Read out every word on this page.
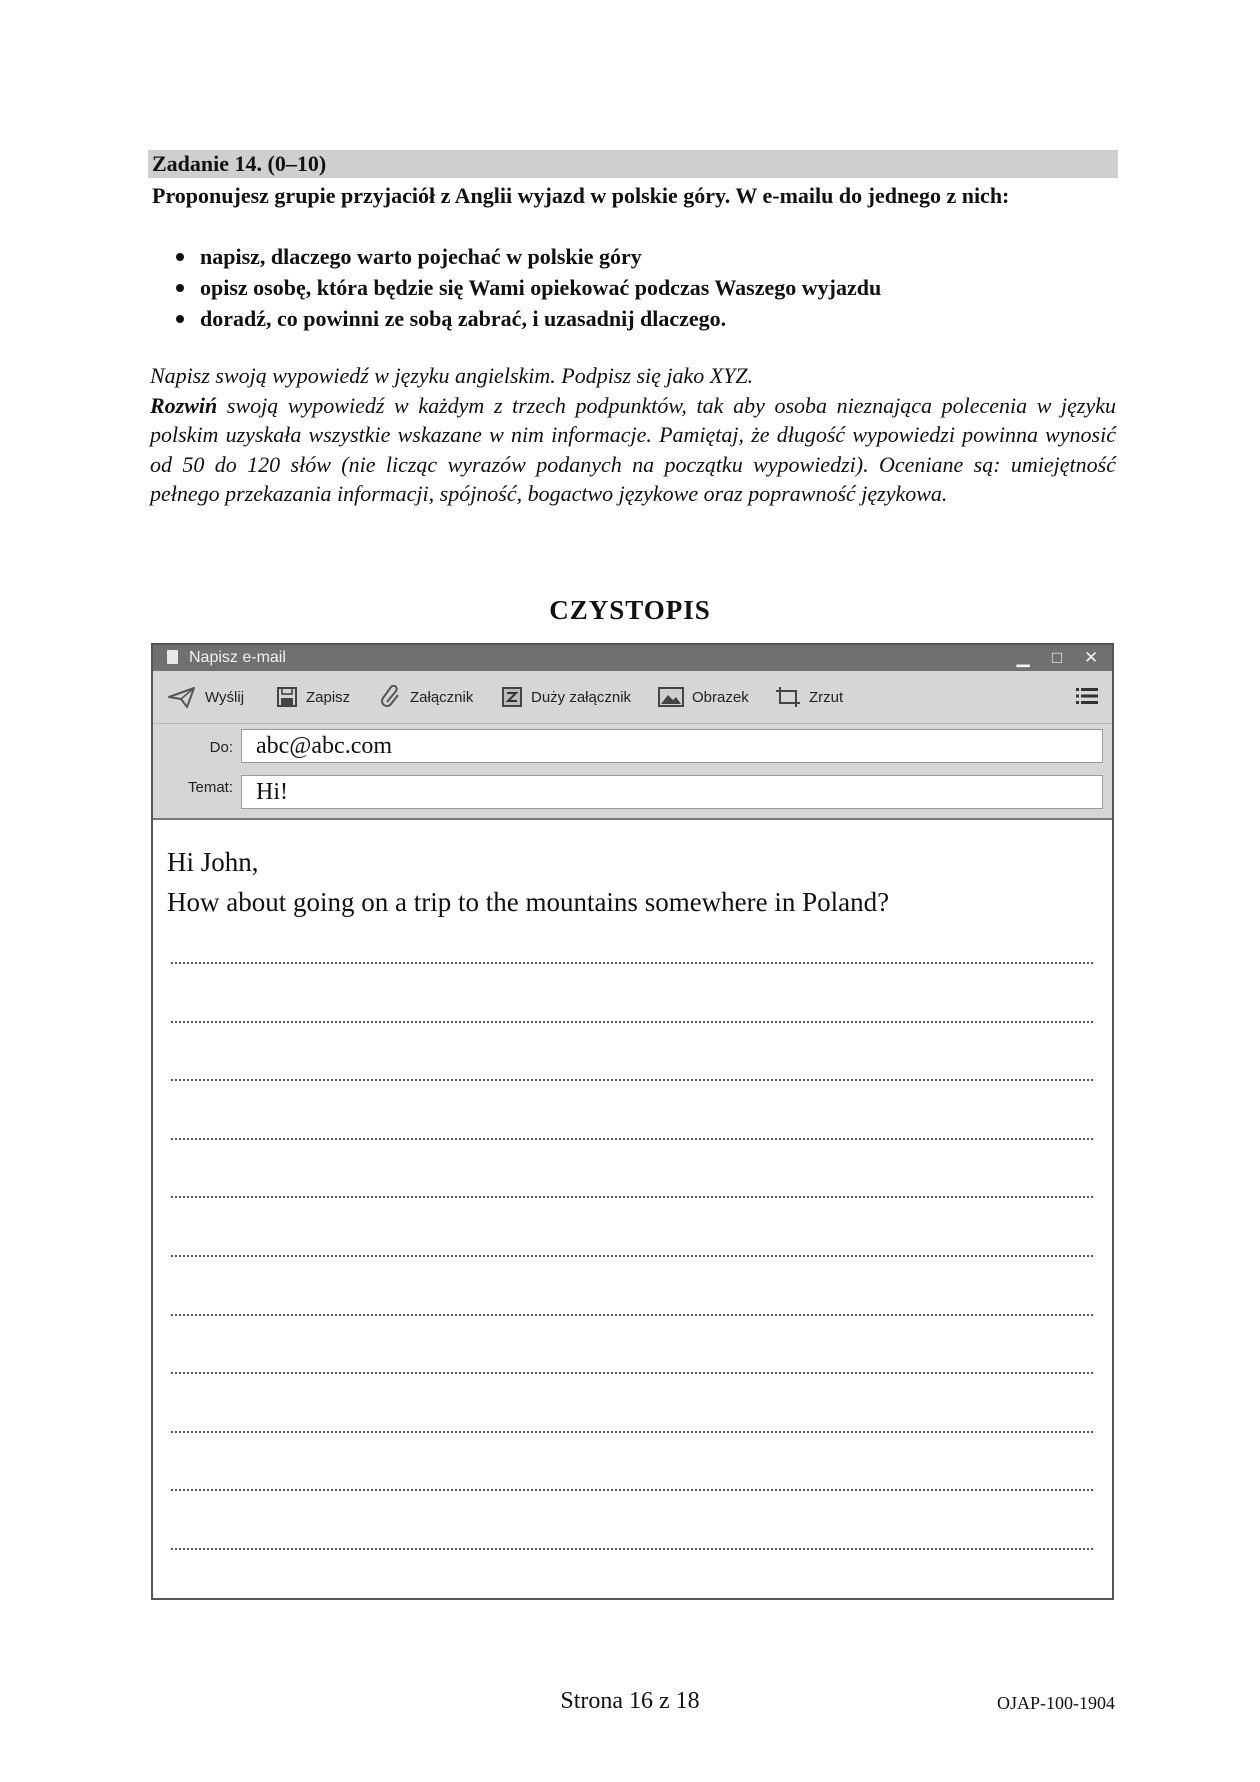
Zadanie 14. (0–10)
Proponujesz grupie przyjaciół z Anglii wyjazd w polskie góry. W e-mailu do jednego z nich:
napisz, dlaczego warto pojechać w polskie góry
opisz osobę, która będzie się Wami opiekować podczas Waszego wyjazdu
doradź, co powinni ze sobą zabrać, i uzasadnij dlaczego.

Napisz swoją wypowiedź w języku angielskim. Podpisz się jako XYZ.

Rozwiń swoją wypowiedź w każdym z trzech podpunktów, tak aby osoba nieznająca polecenia w języku polskim uzyskała wszystkie wskazane w nim informacje. Pamiętaj, że długość wypowiedzi powinna wynosić od 50 do 120 słów (nie licząc wyrazów podanych na początku wypowiedzi). Oceniane są: umiejętność pełnego przekazania informacji, spójność, bogactwo językowe oraz poprawność językowa.

CZYSTOPIS
Napisz e-mail	▁ □ ✕
Wyślij	Zapisz	Załącznik	Duży załącznik	Obrazek	Zrzut
Do: abc@abc.com
Temat: Hi!

Hi John,

How about going on a trip to the mountains somewhere in Poland?

Strona 16 z 18	OJAP-100-1904
